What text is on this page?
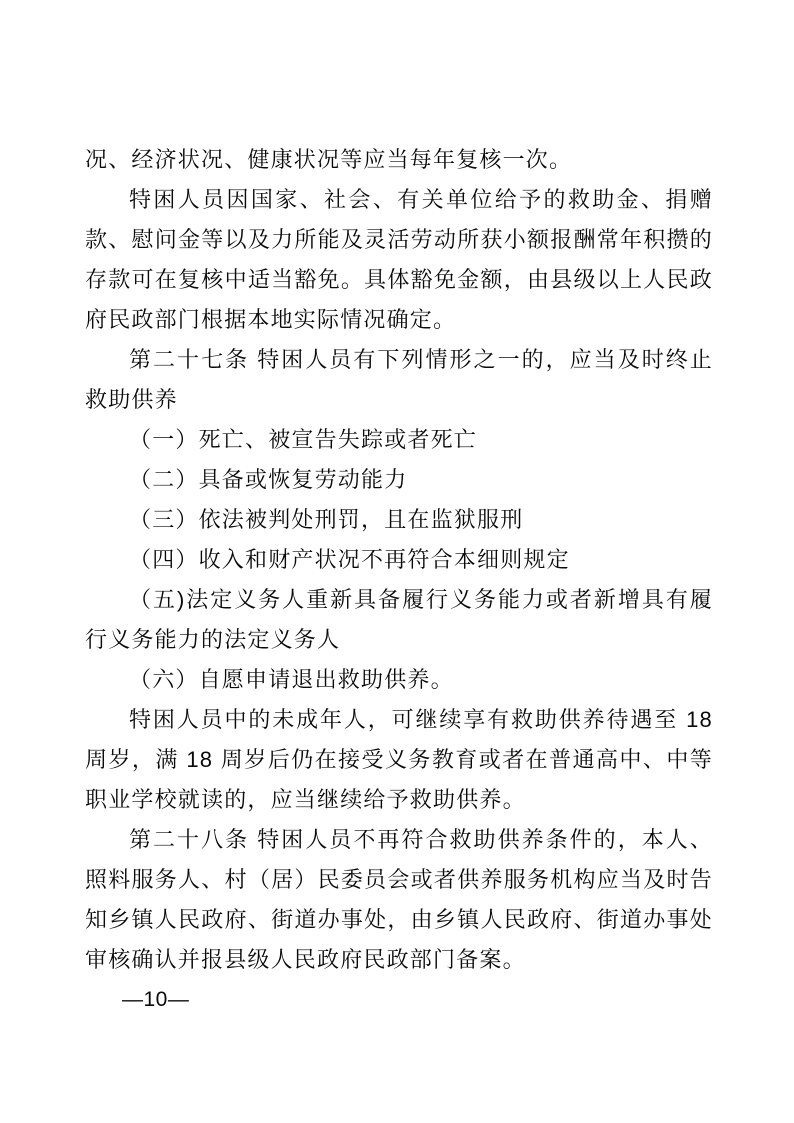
况、经济状况、健康状况等应当每年复核一次。

特困人员因国家、社会、有关单位给予的救助金、捐赠款、慰问金等以及力所能及灵活劳动所获小额报酬常年积攒的存款可在复核中适当豁免。具体豁免金额，由县级以上人民政府民政部门根据本地实际情况确定。

第二十七条 特困人员有下列情形之一的，应当及时终止救助供养

（一）死亡、被宣告失踪或者死亡

（二）具备或恢复劳动能力

（三）依法被判处刑罚，且在监狱服刑

（四）收入和财产状况不再符合本细则规定

（五)法定义务人重新具备履行义务能力或者新增具有履行义务能力的法定义务人

（六）自愿申请退出救助供养。

特困人员中的未成年人，可继续享有救助供养待遇至 18 周岁，满 18 周岁后仍在接受义务教育或者在普通高中、中等职业学校就读的，应当继续给予救助供养。

第二十八条 特困人员不再符合救助供养条件的，本人、照料服务人、村（居）民委员会或者供养服务机构应当及时告知乡镇人民政府、街道办事处，由乡镇人民政府、街道办事处审核确认并报县级人民政府民政部门备案。

—10—
